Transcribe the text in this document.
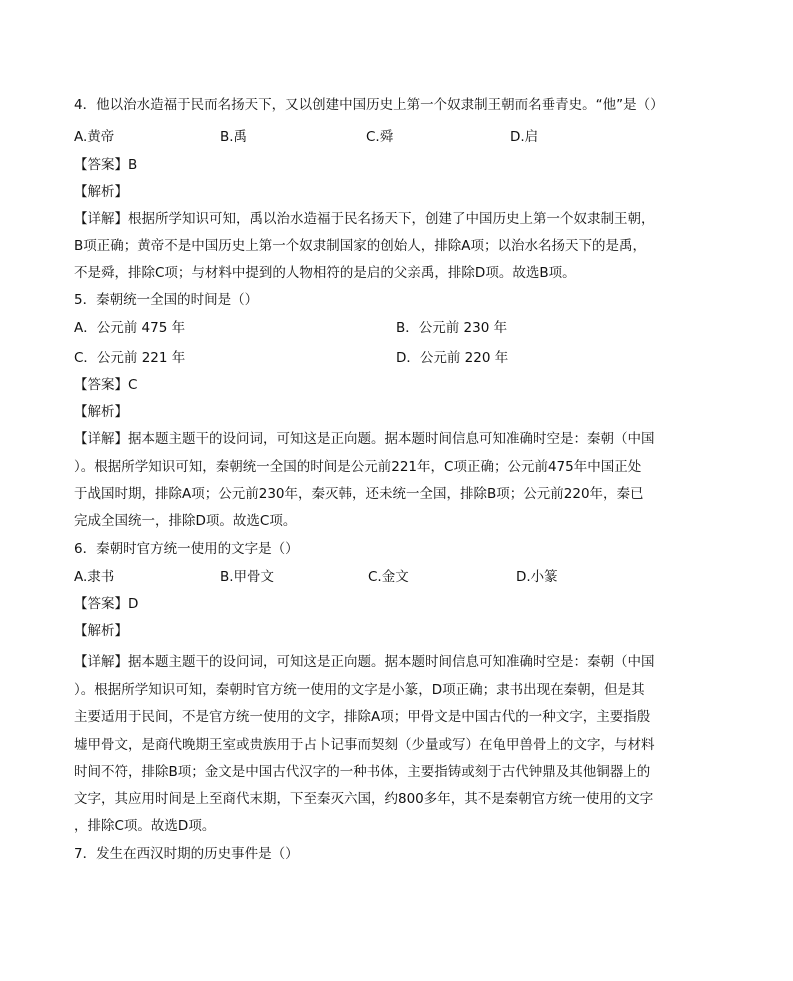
4．他以治水造福于民而名扬天下，又以创建中国历史上第一个奴隶制王朝而名垂青史。“他”是（）
A.黄帝	B.禹	C.舜	D.启
【答案】B
【解析】
【详解】根据所学知识可知，禹以治水造福于民名扬天下，创建了中国历史上第一个奴隶制王朝，
B项正确；黄帝不是中国历史上第一个奴隶制国家的创始人，排除A项；以治水名扬天下的是禹，
不是舜，排除C项；与材料中提到的人物相符的是启的父亲禹，排除D项。故选B项。
5．秦朝统一全国的时间是（）
A．公元前 475 年	B．公元前 230 年
C．公元前 221 年	D．公元前 220 年
【答案】C
【解析】
【详解】据本题主题干的设问词，可知这是正向题。据本题时间信息可知准确时空是：秦朝（中国
）。根据所学知识可知，秦朝统一全国的时间是公元前221年，C项正确；公元前475年中国正处
于战国时期，排除A项；公元前230年，秦灭韩，还未统一全国，排除B项；公元前220年，秦已
完成全国统一，排除D项。故选C项。
6．秦朝时官方统一使用的文字是（）
A.隶书	B.甲骨文	C.金文	D.小篆
【答案】D
【解析】
【详解】据本题主题干的设问词，可知这是正向题。据本题时间信息可知准确时空是：秦朝（中国
）。根据所学知识可知，秦朝时官方统一使用的文字是小篆，D项正确；隶书出现在秦朝，但是其
主要适用于民间，不是官方统一使用的文字，排除A项；甲骨文是中国古代的一种文字，主要指殷
墟甲骨文，是商代晚期王室或贵族用于占卜记事而契刻（少量或写）在龟甲兽骨上的文字，与材料
时间不符，排除B项；金文是中国古代汉字的一种书体，主要指铸或刻于古代钟鼎及其他铜器上的
文字，其应用时间是上至商代末期，下至秦灭六国，约800多年，其不是秦朝官方统一使用的文字
，排除C项。故选D项。
7．发生在西汉时期的历史事件是（）
